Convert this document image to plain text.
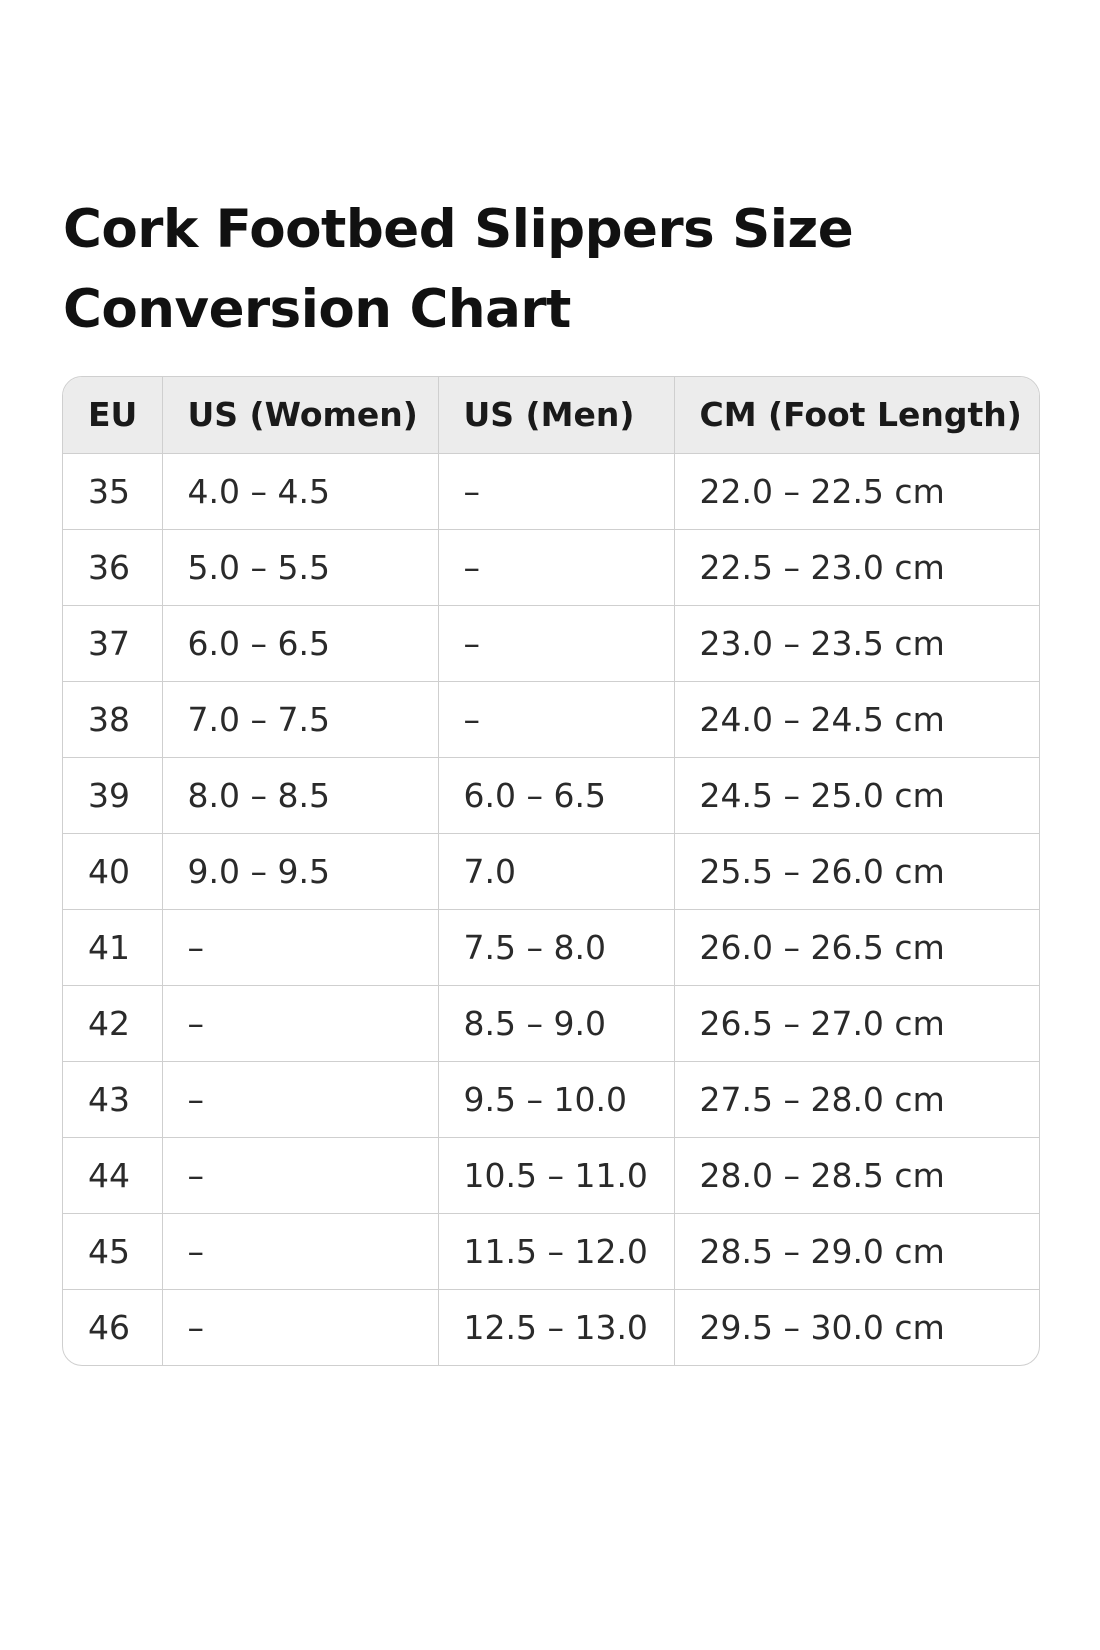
Cork Footbed Slippers Size Conversion Chart
EU	US (Women)	US (Men)	CM (Foot Length)
35	4.0 – 4.5	–	22.0 – 22.5 cm
36	5.0 – 5.5	–	22.5 – 23.0 cm
37	6.0 – 6.5	–	23.0 – 23.5 cm
38	7.0 – 7.5	–	24.0 – 24.5 cm
39	8.0 – 8.5	6.0 – 6.5	24.5 – 25.0 cm
40	9.0 – 9.5	7.0	25.5 – 26.0 cm
41	–	7.5 – 8.0	26.0 – 26.5 cm
42	–	8.5 – 9.0	26.5 – 27.0 cm
43	–	9.5 – 10.0	27.5 – 28.0 cm
44	–	10.5 – 11.0	28.0 – 28.5 cm
45	–	11.5 – 12.0	28.5 – 29.0 cm
46	–	12.5 – 13.0	29.5 – 30.0 cm
